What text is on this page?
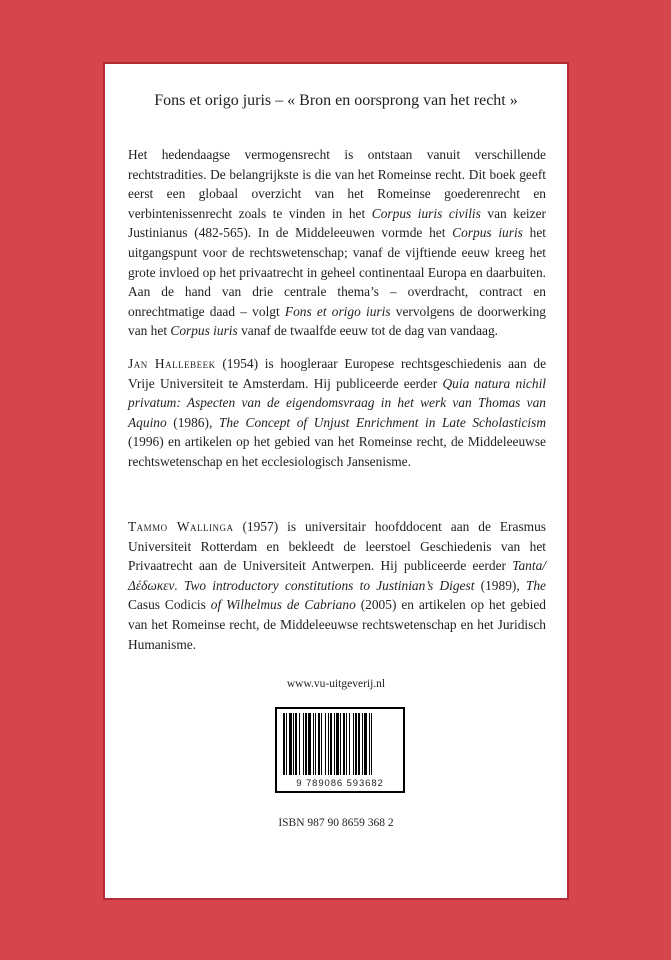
Fons et origo juris – « Bron en oorsprong van het recht »

Het hedendaagse vermogensrecht is ontstaan vanuit verschillende rechtstradities. De belangrijkste is die van het Romeinse recht. Dit boek geeft eerst een globaal overzicht van het Romeinse goederenrecht en verbintenissenrecht zoals te vinden in het Corpus iuris civilis van keizer Justinianus (482-565). In de Middeleeuwen vormde het Corpus iuris het uitgangspunt voor de rechtswetenschap; vanaf de vijftiende eeuw kreeg het grote invloed op het privaatrecht in geheel continentaal Europa en daarbuiten. Aan de hand van drie centrale thema’s – overdracht, contract en onrechtmatige daad – volgt Fons et origo iuris vervolgens de doorwerking van het Corpus iuris vanaf de twaalfde eeuw tot de dag van vandaag.

Jan Hallebeek (1954) is hoogleraar Europese rechtsgeschiedenis aan de Vrije Universiteit te Amsterdam. Hij publiceerde eerder Quia natura nichil privatum: Aspecten van de eigendomsvraag in het werk van Thomas van Aquino (1986), The Concept of Unjust Enrichment in Late Scholasticism (1996) en artikelen op het gebied van het Romeinse recht, de Middeleeuwse rechtswetenschap en het ecclesiologisch Jansenisme.

Tammo Wallinga (1957) is universitair hoofddocent aan de Erasmus Universiteit Rotterdam en bekleedt de leerstoel Geschiedenis van het Privaatrecht aan de Universiteit Antwerpen. Hij publiceerde eerder Tanta/Δέδωκεν. Two introductory constitutions to Justinian’s Digest (1989), The Casus Codicis of Wilhelmus de Cabriano (2005) en artikelen op het gebied van het Romeinse recht, de Middeleeuwse rechtswetenschap en het Juridisch Humanisme.

www.vu-uitgeverij.nl
9 789086 593682
ISBN 987 90 8659 368 2
